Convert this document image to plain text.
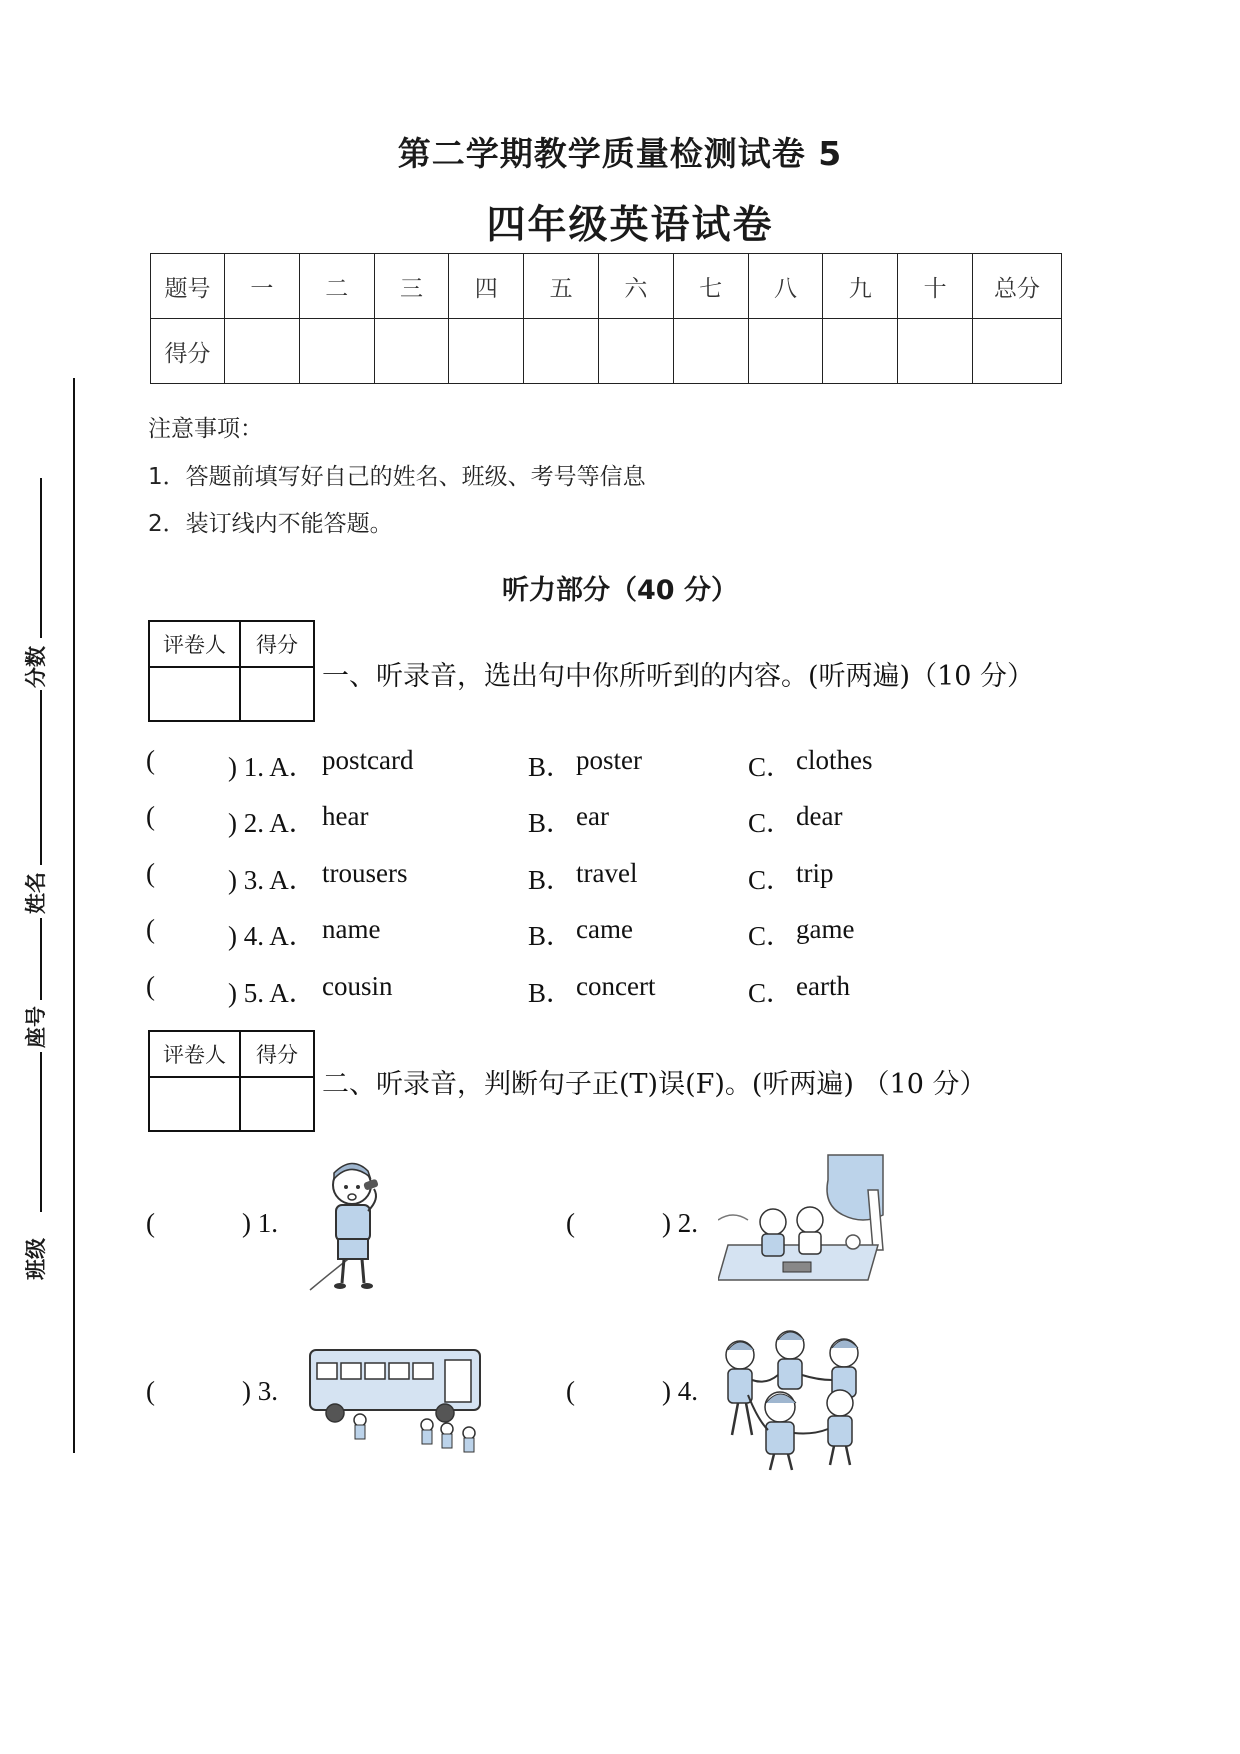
第二学期教学质量检测试卷 5
四年级英语试卷
题号	一	二	三	四	五	六	七	八	九	十	总分
得分											
注意事项：
1．答题前填写好自己的姓名、班级、考号等信息
2．装订线内不能答题。
分数
姓名
座号
班级
听力部分（40 分）
评卷人	得分

一、听录音，选出句中你所听到的内容。(听两遍)（10 分）
(	) 1. A． postcard	B． poster	C． clothes
(	) 2. A． hear	B． ear	C． dear
(	) 3. A． trousers	B． travel	C． trip
(	) 4. A． name	B． came	C． game
(	) 5. A． cousin	B． concert	C． earth
评卷人	得分

二、听录音，判断句子正(T)误(F)。(听两遍) （10 分）
(	) 1.	(	) 2.
(	) 3.	(	) 4.
